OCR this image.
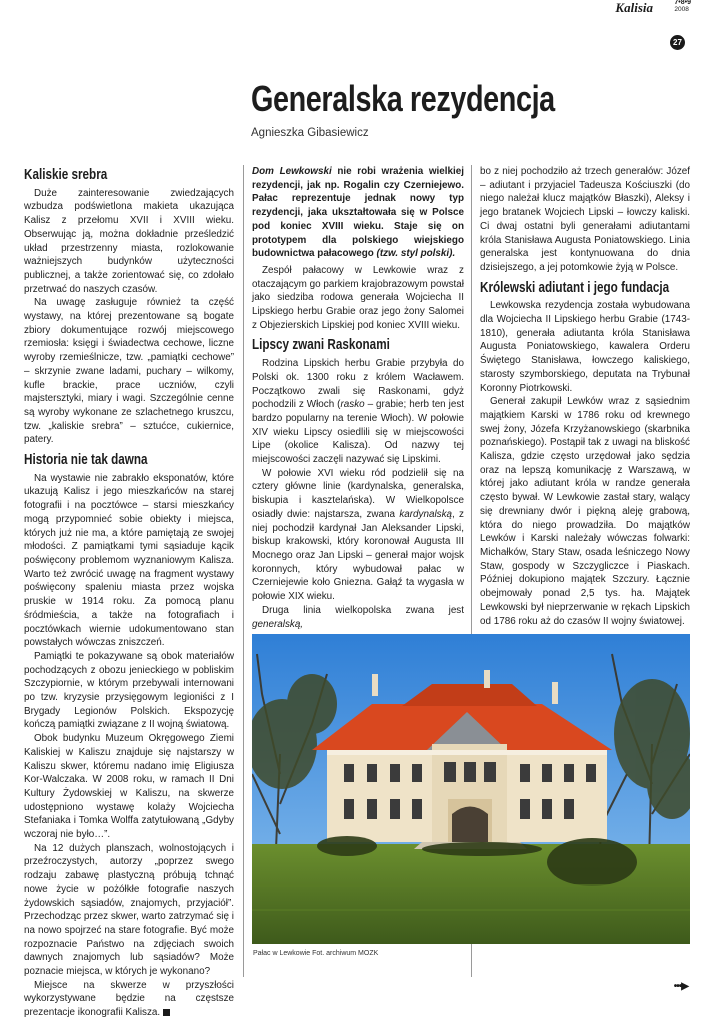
Kalisia	7•8•9
2008
27
Generalska rezydencja
Agnieszka Gibasiewicz
Kaliskie srebra

Duże zainteresowanie zwiedzających wzbudza podświetlona makieta ukazująca Kalisz z przełomu XVII i XVIII wieku. Obserwując ją, można dokładnie prześledzić układ przestrzenny miasta, rozlokowanie ważniejszych budynków użyteczności publicznej, a także zorientować się, co zdołało przetrwać do naszych czasów.

Na uwagę zasługuje również ta część wystawy, na której prezentowane są bogate zbiory dokumentujące rozwój miejscowego rzemiosła: księgi i świadectwa cechowe, liczne wyroby rzemieślnicze, tzw. „pamiątki cechowe” – skrzynie zwane ladami, puchary – wilkomy, kufle brackie, prace uczniów, czyli majstersztyki, miary i wagi. Szczególnie cenne są wyroby wykonane ze szlachetnego kruszcu, tzw. „kaliskie srebra” – sztućce, cukiernice, patery.

Historia nie tak dawna

Na wystawie nie zabrakło eksponatów, które ukazują Kalisz i jego mieszkańców na starej fotografii i na pocztówce – starsi mieszkańcy mogą przypomnieć sobie obiekty i miejsca, których już nie ma, a które pamiętają ze swojej młodości. Z pamiątkami tymi sąsiaduje kącik poświęcony problemom wyznaniowym Kalisza. Warto też zwrócić uwagę na fragment wystawy poświęcony spaleniu miasta przez wojska pruskie w 1914 roku. Za pomocą planu śródmieścia, a także na fotografiach i pocztówkach wiernie udokumentowano stan powstałych wówczas zniszczeń.

Pamiątki te pokazywane są obok materiałów pochodzących z obozu jenieckiego w pobliskim Szczypiornie, w którym przebywali internowani po tzw. kryzysie przysięgowym legioniści z I Brygady Legionów Polskich. Ekspozycję kończą pamiątki związane z II wojną światową.

Obok budynku Muzeum Okręgowego Ziemi Kaliskiej w Kaliszu znajduje się najstarszy w Kaliszu skwer, któremu nadano imię Eligiusza Kor-Walczaka. W 2008 roku, w ramach II Dni Kultury Żydowskiej w Kaliszu, na skwerze udostępniono wystawę kolaży Wojciecha Stefaniaka i Tomka Wolffa zatytułowaną „Gdyby wczoraj nie było…”.

Na 12 dużych planszach, wolnostojących i przeźroczystych, autorzy „poprzez swego rodzaju zabawę plastyczną próbują tchnąć nowe życie w pożółkłe fotografie naszych żydowskich sąsiadów, znajomych, przyjaciół”. Przechodząc przez skwer, warto zatrzymać się i na nowo spojrzeć na stare fotografie. Być może rozpoznacie Państwo na zdjęciach swoich dawnych znajomych lub sąsiadów? Może poznacie miejsca, w których je wykonano?

Miejsce na skwerze w przyszłości wykorzystywane będzie na częstsze prezentacje ikonografii Kalisza.

Dom Lewkowski nie robi wrażenia wielkiej rezydencji, jak np. Rogalin czy Czerniejewo. Pałac reprezentuje jednak nowy typ rezydencji, jaka ukształtowała się w Polsce pod koniec XVIII wieku. Staje się on prototypem dla polskiego wiejskiego budownictwa pałacowego (tzw. styl polski).

Zespół pałacowy w Lewkowie wraz z otaczającym go parkiem krajobrazowym powstał jako siedziba rodowa generała Wojciecha II Lipskiego herbu Grabie oraz jego żony Salomei z Objezierskich Lipskiej pod koniec XVIII wieku.

Lipscy zwani Raskonami

Rodzina Lipskich herbu Grabie przybyła do Polski ok. 1300 roku z królem Wacławem. Początkowo zwali się Raskonami, gdyż pochodzili z Włoch (rasko – grabie; herb ten jest bardzo popularny na terenie Włoch). W połowie XIV wieku Lipscy osiedlili się w miejscowości Lipe (okolice Kalisza). Od nazwy tej miejscowości zaczęli nazywać się Lipskimi.

W połowie XVI wieku ród podzielił się na cztery główne linie (kardynalska, generalska, biskupia i kasztelańska). W Wielkopolsce osiadły dwie: najstarsza, zwana kardynalską, z niej pochodził kardynał Jan Aleksander Lipski, biskup krakowski, który koronował Augusta III Mocnego oraz Jan Lipski – generał major wojsk koronnych, który wybudował pałac w Czerniejewie koło Gniezna. Gałąź ta wygasła w połowie XIX wieku.

Druga linia wielkopolska zwana jest generalską,

bo z niej pochodziło aż trzech generałów: Józef – adiutant i przyjaciel Tadeusza Kościuszki (do niego należał klucz majątków Błaszki), Aleksy i jego bratanek Wojciech Lipski – łowczy kaliski. Ci dwaj ostatni byli generałami adiutantami króla Stanisława Augusta Poniatowskiego. Linia generalska jest kontynuowana do dnia dzisiejszego, a jej potomkowie żyją w Polsce.

Królewski adiutant i jego fundacja

Lewkowska rezydencja została wybudowana dla Wojciecha II Lipskiego herbu Grabie (1743-1810), generała adiutanta króla Stanisława Augusta Poniatowskiego, kawalera Orderu Świętego Stanisława, łowczego kaliskiego, starosty szymborskiego, deputata na Trybunał Koronny Piotrkowski.

Generał zakupił Lewków wraz z sąsiednim majątkiem Karski w 1786 roku od krewnego swej żony, Józefa Krzyżanowskiego (skarbnika poznańskiego). Postąpił tak z uwagi na bliskość Kalisza, gdzie często urzędował jako sędzia oraz na lepszą komunikację z Warszawą, w której jako adiutant króla w randze generała często bywał. W Lewkowie zastał stary, walący się drewniany dwór i piękną aleję grabową, która do niego prowadziła. Do majątków Lewków i Karski należały wówczas folwarki: Michałków, Stary Staw, osada leśniczego Nowy Staw, gospody w Szczygliczce i Piaskach. Później dokupiono majątek Szczury. Łącznie obejmowały ponad 2,5 tys. ha. Majątek Lewkowski był nieprzerwanie w rękach Lipskich od 1786 roku aż do czasów II wojny światowej.

Pałac w Lewkowie Fot. archiwum MOZK
•••▶
